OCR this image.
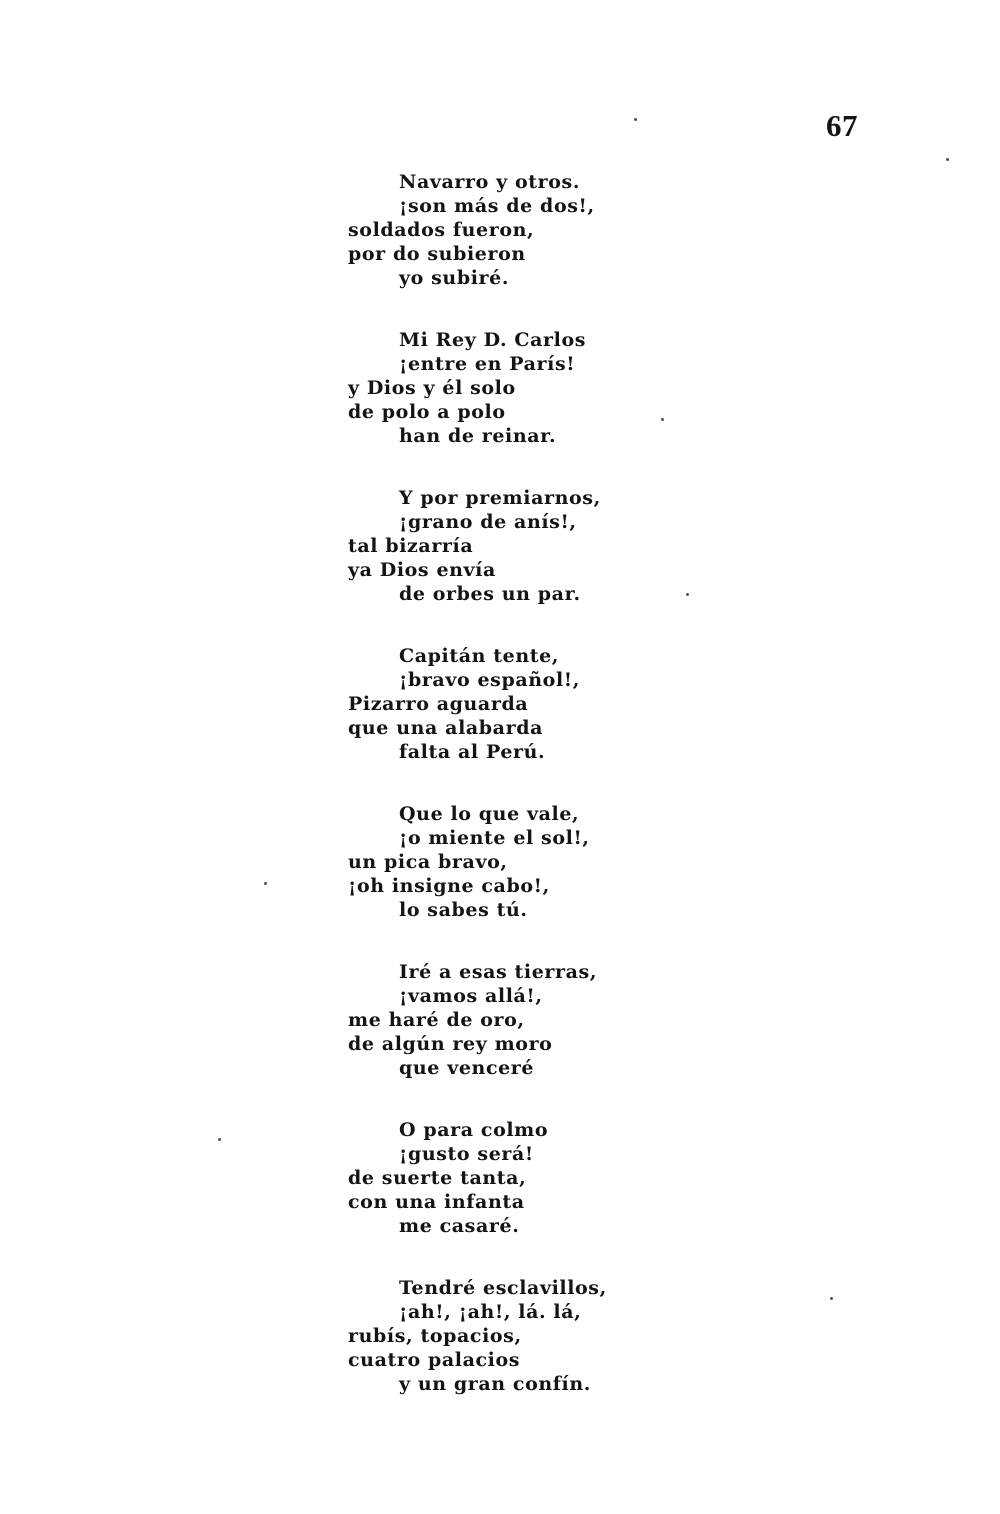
67
Navarro y otros.
¡son más de dos!,
soldados fueron,
por do subieron
yo subiré.
Mi Rey D. Carlos
¡entre en París!
y Dios y él solo
de polo a polo
han de reinar.
Y por premiarnos,
¡grano de anís!,
tal bizarría
ya Dios envía
de orbes un par.
Capitán tente,
¡bravo español!,
Pizarro aguarda
que una alabarda
falta al Perú.
Que lo que vale,
¡o miente el sol!,
un pica bravo,
¡oh insigne cabo!,
lo sabes tú.
Iré a esas tierras,
¡vamos allá!,
me haré de oro,
de algún rey moro
que venceré
O para colmo
¡gusto será!
de suerte tanta,
con una infanta
me casaré.
Tendré esclavillos,
¡ah!, ¡ah!, lá. lá,
rubís, topacios,
cuatro palacios
y un gran confín.
